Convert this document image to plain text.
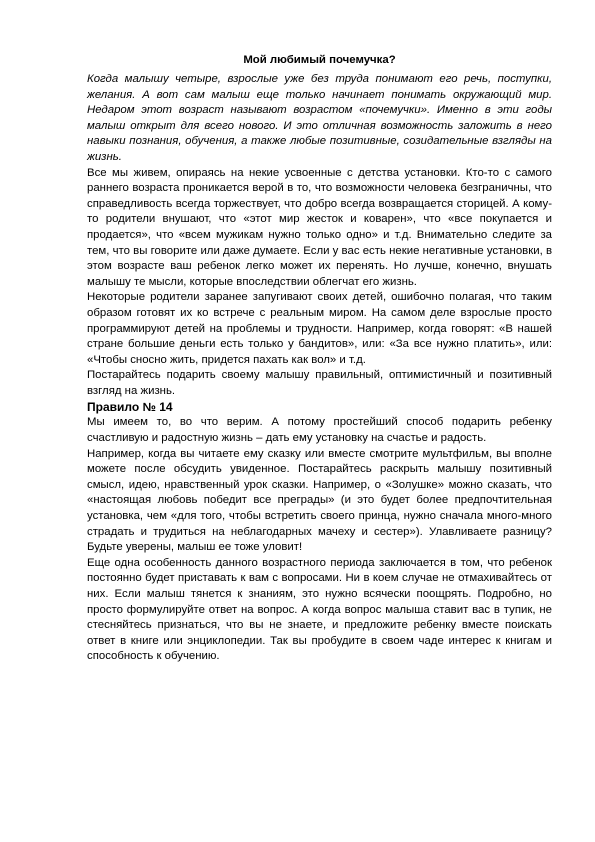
Мой любимый почемучка?

Когда малышу четыре, взрослые уже без труда понимают его речь, поступки, желания. А вот сам малыш еще только начинает понимать окружающий мир. Недаром этот возраст называют возрастом «почемучки». Именно в эти годы малыш открыт для всего нового. И это отличная возможность заложить в него навыки познания, обучения, а также любые позитивные, созидательные взгляды на жизнь.

Все мы живем, опираясь на некие усвоенные с детства установки. Кто-то с самого раннего возраста проникается верой в то, что возможности человека безграничны, что справедливость всегда торжествует, что добро всегда возвращается сторицей. А кому-то родители внушают, что «этот мир жесток и коварен», что «все покупается и продается», что «всем мужикам нужно только одно» и т.д. Внимательно следите за тем, что вы говорите или даже думаете. Если у вас есть некие негативные установки, в этом возрасте ваш ребенок легко может их перенять. Но лучше, конечно, внушать малышу те мысли, которые впоследствии облегчат его жизнь.

Некоторые родители заранее запугивают своих детей, ошибочно полагая, что таким образом готовят их ко встрече с реальным миром. На самом деле взрослые просто программируют детей на проблемы и трудности. Например, когда говорят: «В нашей стране большие деньги есть только у бандитов», или: «За все нужно платить», или: «Чтобы сносно жить, придется пахать как вол» и т.д.

Постарайтесь подарить своему малышу правильный, оптимистичный и позитивный взгляд на жизнь.

Правило № 14

Мы имеем то, во что верим. А потому простейший способ подарить ребенку счастливую и радостную жизнь – дать ему установку на счастье и радость.

Например, когда вы читаете ему сказку или вместе смотрите мультфильм, вы вполне можете после обсудить увиденное. Постарайтесь раскрыть малышу позитивный смысл, идею, нравственный урок сказки. Например, о «Золушке» можно сказать, что «настоящая любовь победит все преграды» (и это будет более предпочтительная установка, чем «для того, чтобы встретить своего принца, нужно сначала много-много страдать и трудиться на неблагодарных мачеху и сестер»). Улавливаете разницу? Будьте уверены, малыш ее тоже уловит!

Еще одна особенность данного возрастного периода заключается в том, что ребенок постоянно будет приставать к вам с вопросами. Ни в коем случае не отмахивайтесь от них. Если малыш тянется к знаниям, это нужно всячески поощрять. Подробно, но просто формулируйте ответ на вопрос. А когда вопрос малыша ставит вас в тупик, не стесняйтесь признаться, что вы не знаете, и предложите ребенку вместе поискать ответ в книге или энциклопедии. Так вы пробудите в своем чаде интерес к книгам и способность к обучению.
